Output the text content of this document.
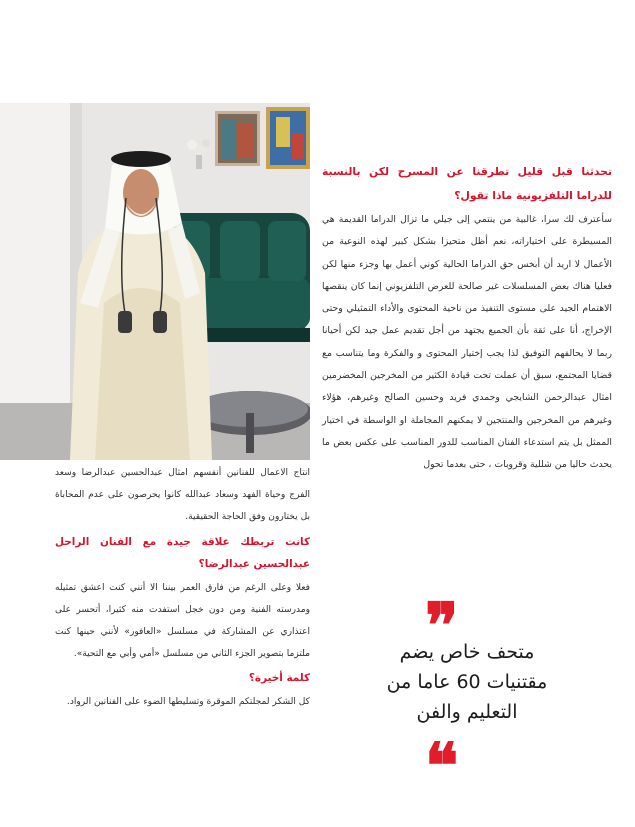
تحدثنا قبل قليل تطرقنا عن المسرح لكن بالنسبة للدراما التلفزيونية ماذا تقول؟

سأعترف لك سرا، غالبية من ينتمي إلى جيلي ما تزال الدراما القديمة هي المسيطرة على اختياراته، نعم أظل متحيزا بشكل كبير لهذه النوعية من الأعمال لا اريد أن أبخس حق الدراما الحالية كوني أعمل بها وجزء منها لكن فعليا هناك بعض المسلسلات غير صالحة للعرض التلفزيوني إنما كان ينقصها الاهتمام الجيد على مستوى التنفيذ من ناحية المحتوى والأداء التمثيلي وحتى الإخراج، أنا على ثقة بأن الجميع يجتهد من أجل تقديم عمل جيد لكن أحيانا ربما لا يحالفهم التوفيق لذا يجب إختيار المحتوى و والفكرة وما يتناسب مع قضايا المجتمع، سبق أن عملت تحت قيادة الكثير من المخرجين المخضرمين امثال عبدالرحمن الشايجي وحمدي فريد وحسين الصالح وغيرهم، هؤلاء وغيرهم من المخرجين والمنتجين لا يمكنهم المجاملة او الواسطة في اختيار الممثل بل يتم استدعاء الفنان المناسب للدور المناسب على عكس بعض ما يحدث حاليا من شللية وقروبات ، حتى بعدما تحول

انتاج الاعمال للفنانين أنفسهم امثال عبدالحسين عبدالرضا وسعد الفرج وحياة الفهد وسعاد عبدالله كانوا يحرصون على عدم المحاباة بل يختارون وفق الحاجة الحقيقية.

كانت تربطك علاقة جيدة مع الفنان الراحل عبدالحسين عبدالرضا؟

فعلا وعلى الرغم من فارق العمر بيننا الا أنني كنت اعشق تمثيله ومدرسته الفنية ومن دون خجل استفدت منه كثيرا، أتحسر على اعتذاري عن المشاركة في مسلسل «العافور» لأنني حينها كنت ملتزما بتصوير الجزء الثاني من مسلسل «أمي وأبي مع التحية».

كلمة أخيرة؟

كل الشكر لمجلتكم الموقرة وتسليطها الضوء على الفنانين الرواد.

❞
متحف خاص يضم
مقتنيات 60 عاما من
التعليم والفن
❝
